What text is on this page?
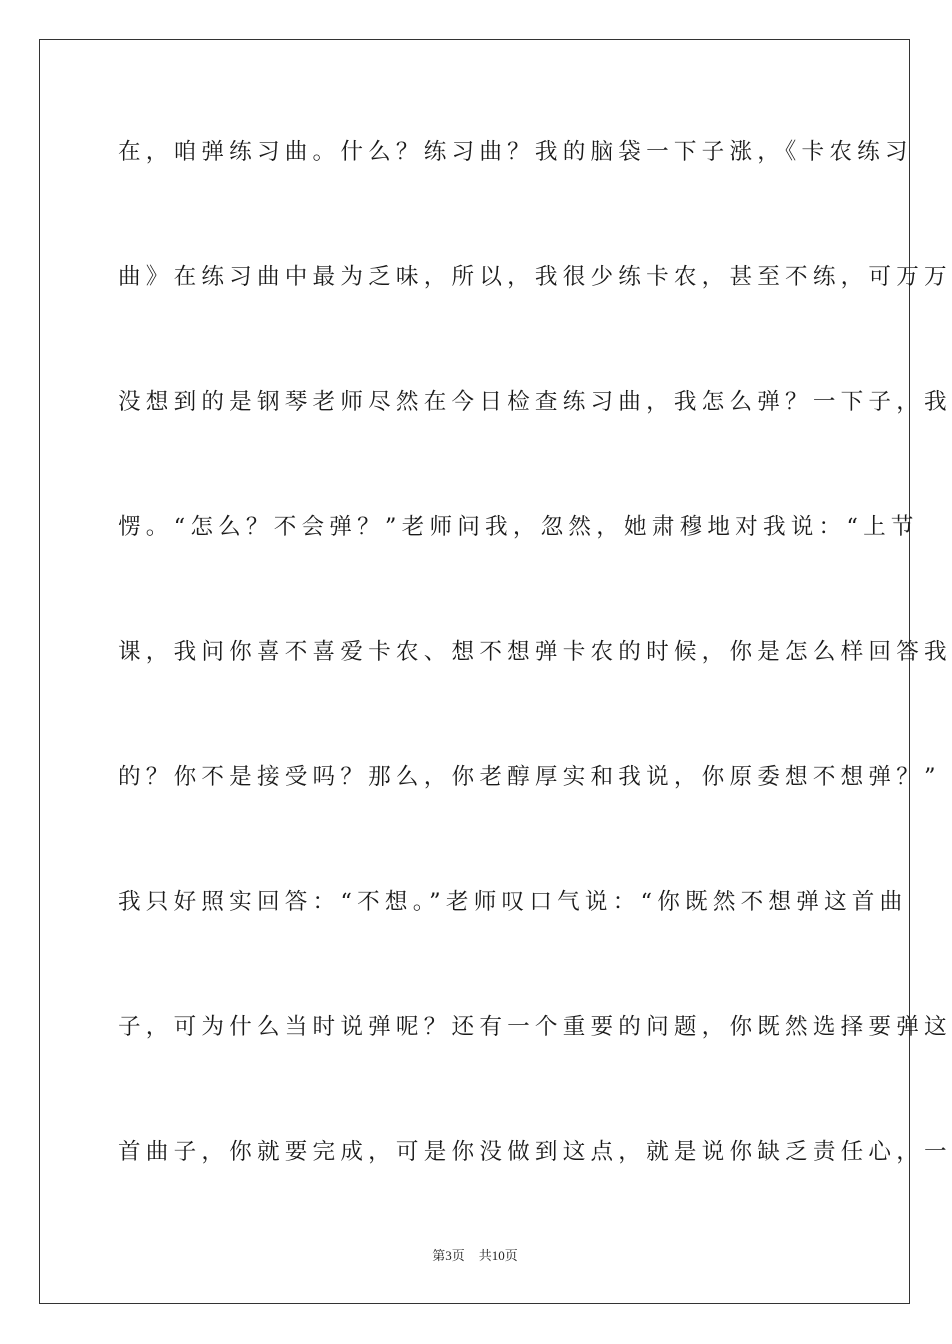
在，咱弹练习曲。什么？练习曲？我的脑袋一下子涨，《卡农练习
曲》在练习曲中最为乏味，所以，我很少练卡农，甚至不练，可万万
没想到的是钢琴老师尽然在今日检查练习曲，我怎么弹？一下子，我
愣。“怎么？不会弹？”老师问我，忽然，她肃穆地对我说：“上节
课，我问你喜不喜爱卡农、想不想弹卡农的时候，你是怎么样回答我
的？你不是接受吗？那么，你老醇厚实和我说，你原委想不想弹？”
我只好照实回答：“不想。”老师叹口气说：“你既然不想弹这首曲
子，可为什么当时说弹呢？还有一个重要的问题，你既然选择要弹这
首曲子，你就要完成，可是你没做到这点，就是说你缺乏责任心，一
第3页 共10页
